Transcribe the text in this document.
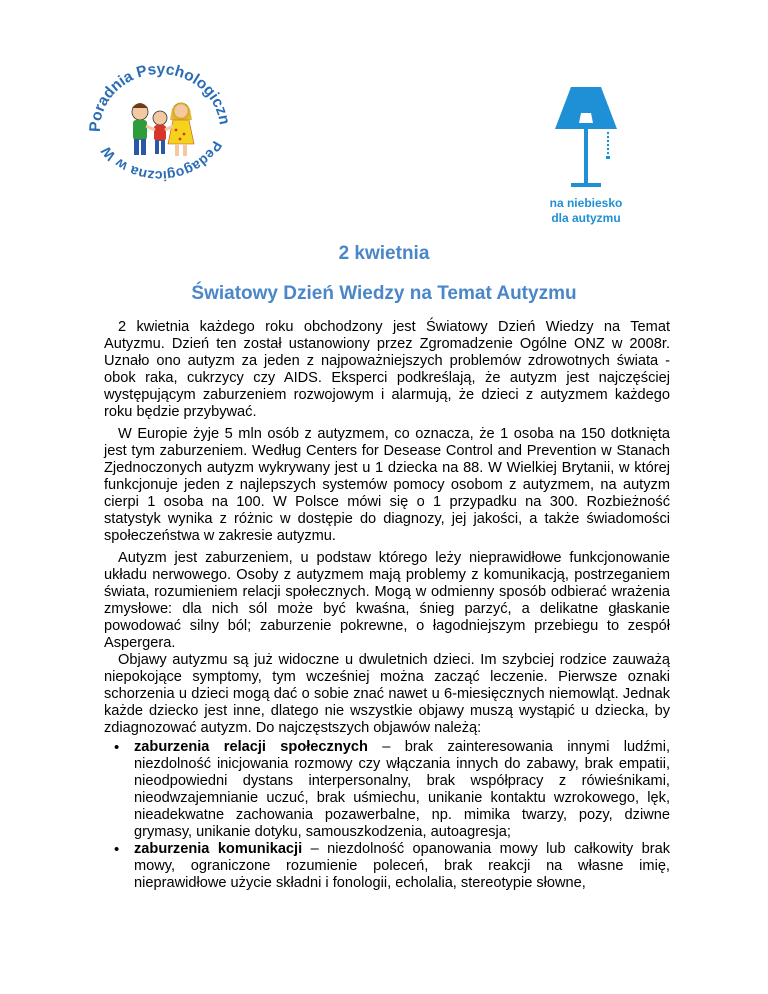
Poradnia Psychologicz
Pedagogiczna w W
na niebiesko
dla autyzmu
2 kwietnia
Światowy Dzień Wiedzy na Temat Autyzmu

2 kwietnia każdego roku obchodzony jest Światowy Dzień Wiedzy na Temat Autyzmu. Dzień ten został ustanowiony przez Zgromadzenie Ogólne ONZ w 2008r. Uznało ono autyzm za jeden z najpoważniejszych problemów zdrowotnych świata - obok raka, cukrzycy czy AIDS. Eksperci podkreślają, że autyzm jest najczęściej występującym zaburzeniem rozwojowym i alarmują, że dzieci z autyzmem każdego roku będzie przybywać.

W Europie żyje 5 mln osób z autyzmem, co oznacza, że 1 osoba na 150 dotknięta jest tym zaburzeniem. Według Centers for Desease Control and Prevention w Stanach Zjednoczonych autyzm wykrywany jest u 1 dziecka na 88. W Wielkiej Brytanii, w której funkcjonuje jeden z najlepszych systemów pomocy osobom z autyzmem, na autyzm cierpi 1 osoba na 100. W Polsce mówi się o 1 przypadku na 300. Rozbieżność statystyk wynika z różnic w dostępie do diagnozy, jej jakości, a także świadomości społeczeństwa w zakresie autyzmu.

Autyzm jest zaburzeniem, u podstaw którego leży nieprawidłowe funkcjonowanie układu nerwowego. Osoby z autyzmem mają problemy z komunikacją, postrzeganiem świata, rozumieniem relacji społecznych. Mogą w odmienny sposób odbierać wrażenia zmysłowe: dla nich sól może być kwaśna, śnieg parzyć, a delikatne głaskanie powodować silny ból; zaburzenie pokrewne, o łagodniejszym przebiegu to zespół Aspergera.

Objawy autyzmu są już widoczne u dwuletnich dzieci. Im szybciej rodzice zauważą niepokojące symptomy, tym wcześniej można zacząć leczenie. Pierwsze oznaki schorzenia u dzieci mogą dać o sobie znać nawet u 6-miesięcznych niemowląt. Jednak każde dziecko jest inne, dlatego nie wszystkie objawy muszą wystąpić u dziecka, by zdiagnozować autyzm. Do najczęstszych objawów należą:

• zaburzenia relacji społecznych – brak zainteresowania innymi ludźmi, niezdolność inicjowania rozmowy czy włączania innych do zabawy, brak empatii, nieodpowiedni dystans interpersonalny, brak współpracy z rówieśnikami, nieodwzajemnianie uczuć, brak uśmiechu, unikanie kontaktu wzrokowego, lęk, nieadekwatne zachowania pozawerbalne, np. mimika twarzy, pozy, dziwne grymasy, unikanie dotyku, samouszkodzenia, autoagresja;
• zaburzenia komunikacji – niezdolność opanowania mowy lub całkowity brak mowy, ograniczone rozumienie poleceń, brak reakcji na własne imię, nieprawidłowe użycie składni i fonologii, echolalia, stereotypie słowne,
